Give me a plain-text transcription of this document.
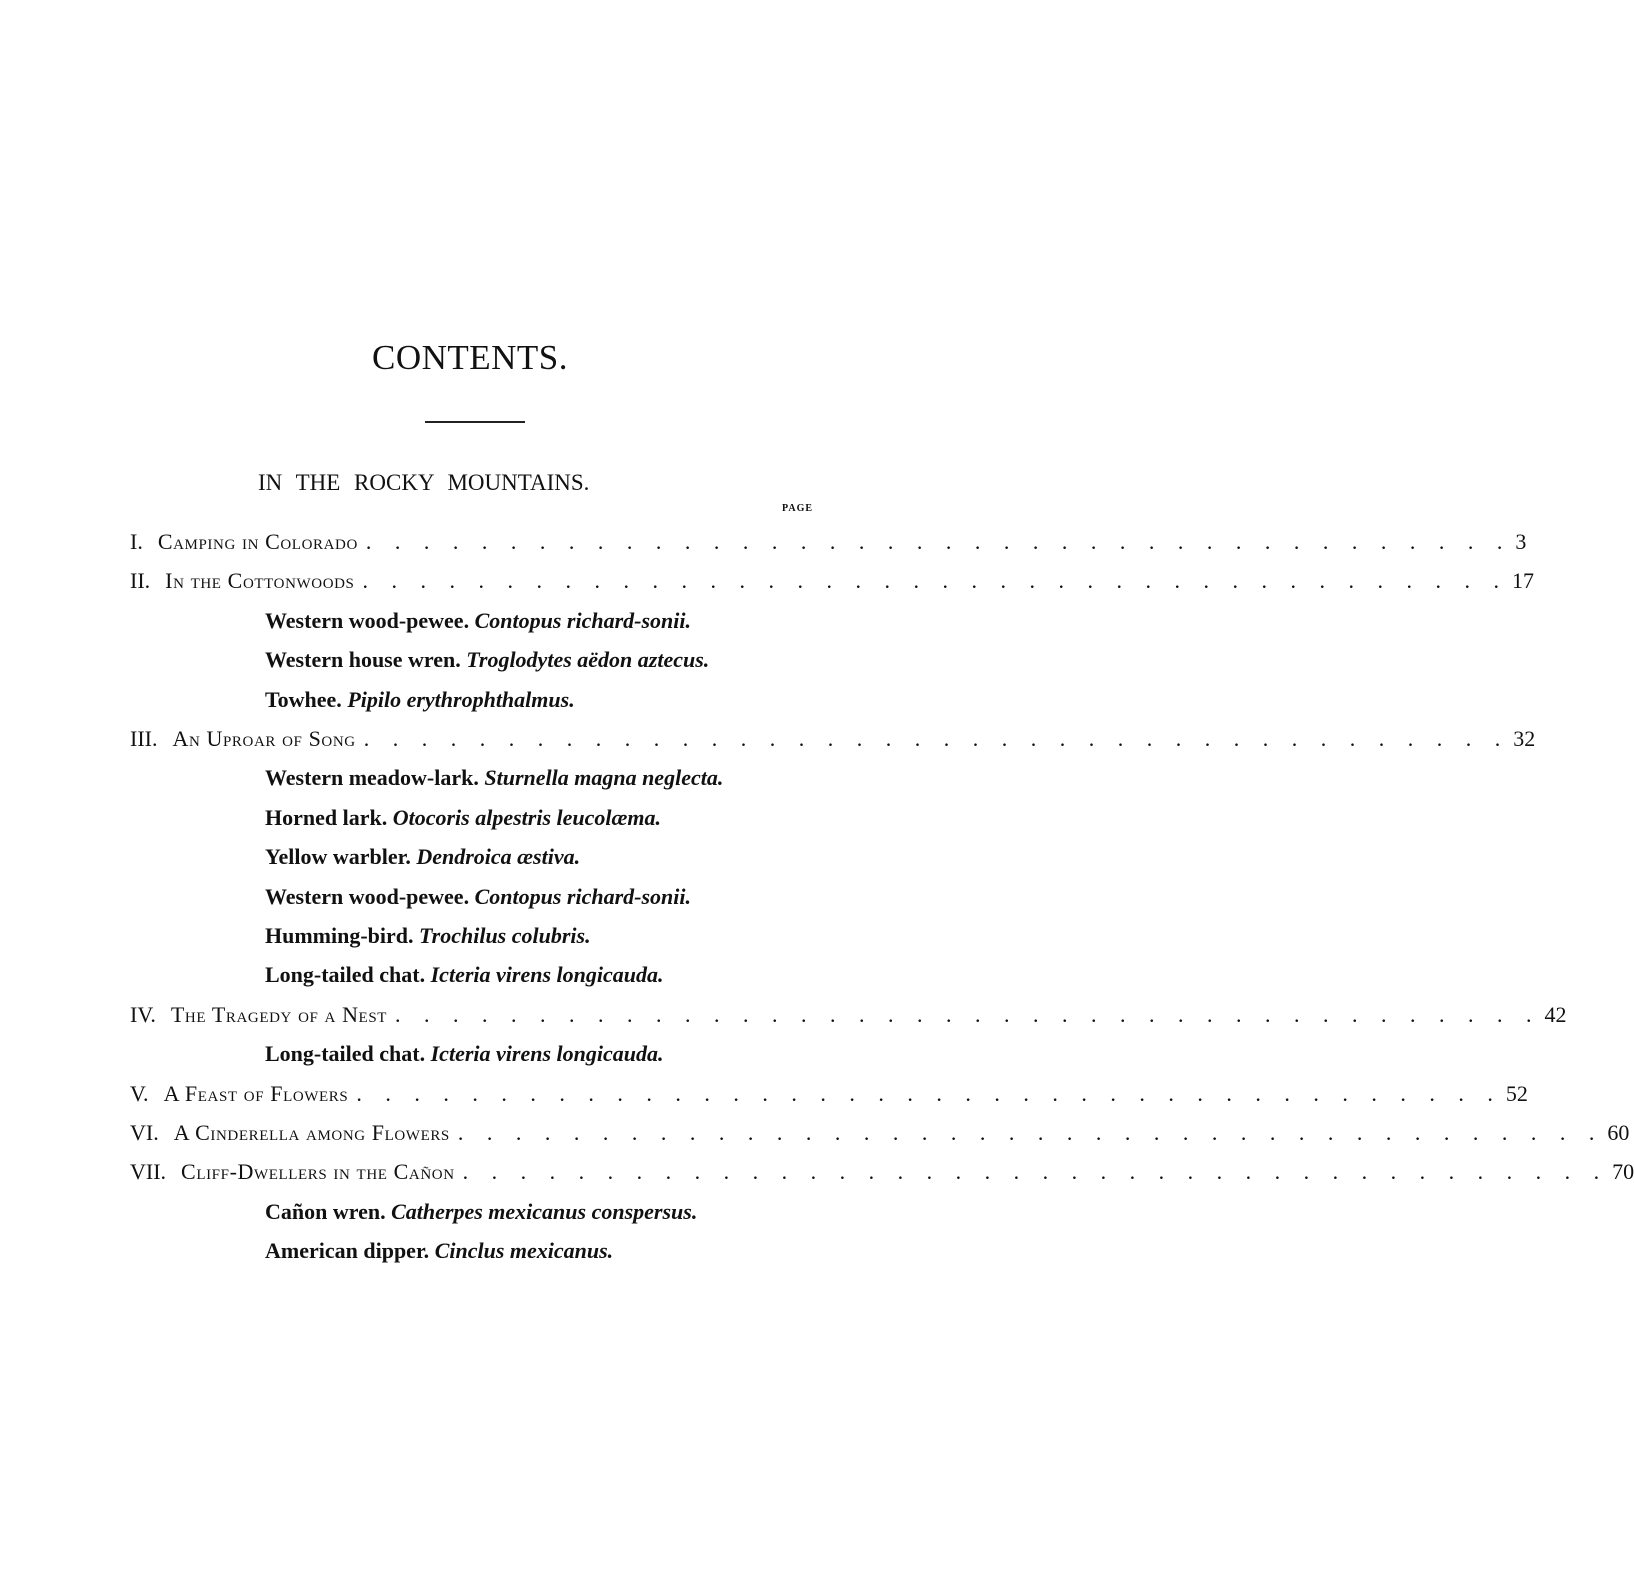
CONTENTS.
IN THE ROCKY MOUNTAINS.
PAGE
I. Camping in Colorado . . . . . . . . . . . . . . . . . . . . . . . . . . . . . . . . . . . . . . . . 3
II. In the Cottonwoods . . . . . . . . . . . . . . . . . . . . . . . . . . . . . . . . . . . . . . . . 17
Western wood-pewee. Contopus richard-sonii.
Western house wren. Troglodytes aëdon aztecus.
Towhee. Pipilo erythrophthalmus.
III. An Uproar of Song . . . . . . . . . . . . . . . . . . . . . . . . . . . . . . . . . . . . . . . . 32
Western meadow-lark. Sturnella magna neglecta.
Horned lark. Otocoris alpestris leucolæma.
Yellow warbler. Dendroica æstiva.
Western wood-pewee. Contopus richard-sonii.
Humming-bird. Trochilus colubris.
Long-tailed chat. Icteria virens longicauda.
IV. The Tragedy of a Nest . . . . . . . . . . . . . . . . . . . . . . . . . . . . . . . . . . . . . . . . 42
Long-tailed chat. Icteria virens longicauda.
V. A Feast of Flowers . . . . . . . . . . . . . . . . . . . . . . . . . . . . . . . . . . . . . . . . 52
VI. A Cinderella among Flowers . . . . . . . . . . . . . . . . . . . . . . . . . . . . . . . . . . . . . . . . 60
VII. Cliff-Dwellers in the Cañon . . . . . . . . . . . . . . . . . . . . . . . . . . . . . . . . . . . . . . . . 70
Cañon wren. Catherpes mexicanus conspersus.
American dipper. Cinclus mexicanus.
